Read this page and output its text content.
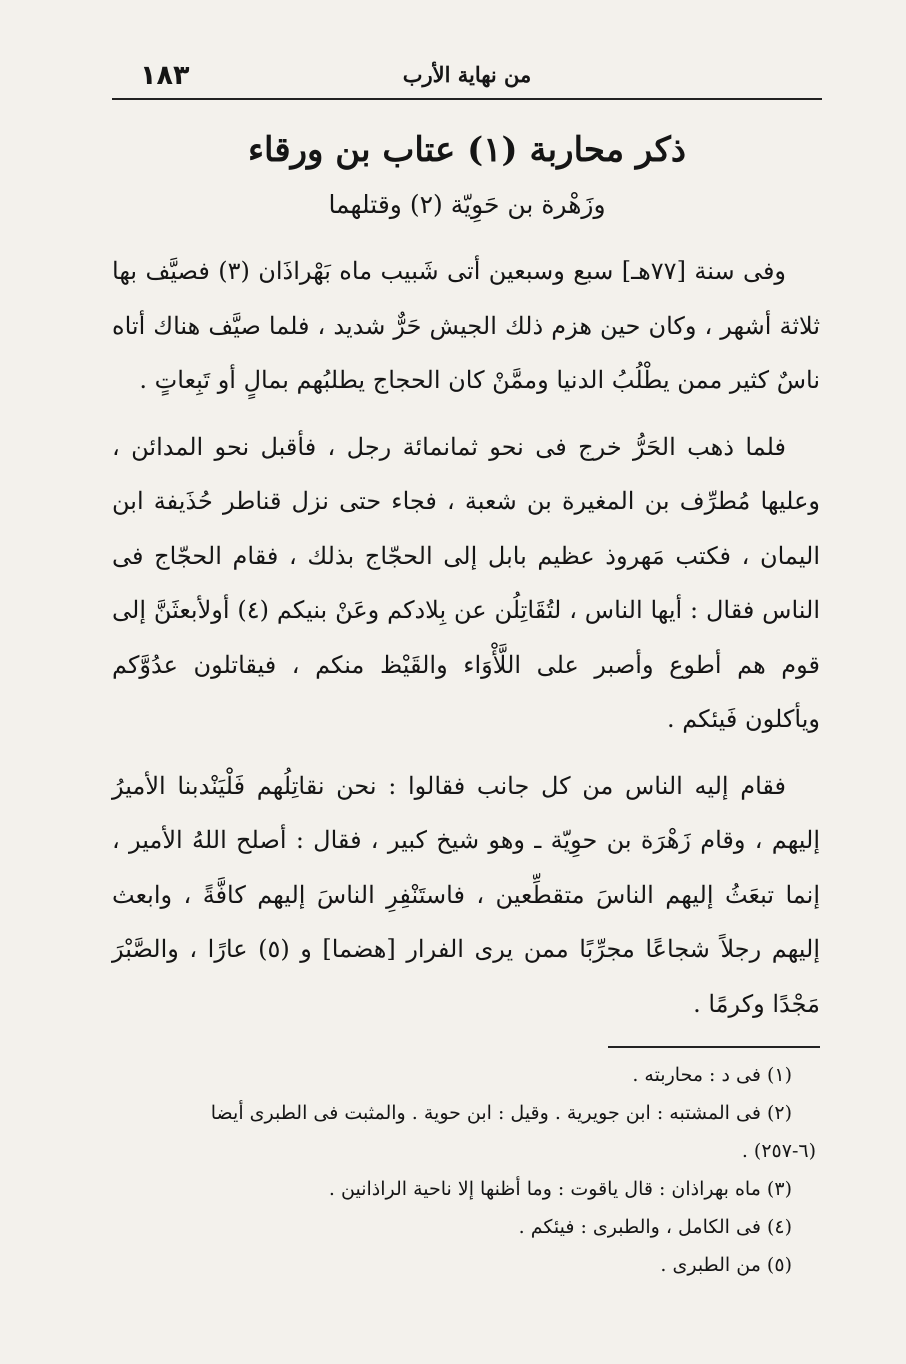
من نهاية الأرب
١٨٣
ذكر محاربة (١) عتاب بن ورقاء
وزَهْرة بن حَوِيّة (٢) وقتلهما

وفى سنة [٧٧هـ] سبع وسبعين أتى شَبيب ماه بَهْراذَان (٣) فصيَّف بها ثلاثة أشهر ، وكان حين هزم ذلك الجيش حَرٌّ شديد ، فلما صيَّف هناك أتاه ناسٌ كثير ممن يطْلُبُ الدنيا وممَّنْ كان الحجاج يطلبُهم بمالٍ أو تَبِعاتٍ .

فلما ذهب الحَرُّ خرج فى نحو ثمانمائة رجل ، فأقبل نحو المدائن ، وعليها مُطرِّف بن المغيرة بن شعبة ، فجاء حتى نزل قناطر حُذَيفة ابن اليمان ، فكتب مَهروذ عظيم بابل إلى الحجّاج بذلك ، فقام الحجّاج فى الناس فقال : أيها الناس ، لتُقَاتِلُن عن بِلادكم وعَنْ بنيكم (٤) أولأبعثَنَّ إلى قوم هم أطوع وأصبر على اللَّأْوَاء والقَيْظ منكم ، فيقاتلون عدُوَّكم ويأكلون فَيئكم .

فقام إليه الناس من كل جانب فقالوا : نحن نقاتِلُهم فَلْيَنْدبنا الأميرُ إليهم ، وقام زَهْرَة بن حوِيّة ـ وهو شيخ كبير ، فقال : أصلح اللهُ الأمير ، إنما تبعَثُ إليهم الناسَ متقطِّعين ، فاستَنْفِرِ الناسَ إليهم كافَّةً ، وابعث إليهم رجلاً شجاعًا مجرِّبًا ممن يرى الفرار [هضما] و (٥) عارًا ، والصَّبْرَ مَجْدًا وكرمًا .

(١) فى د : محاربته .

(٢) فى المشتبه : ابن جويرية . وقيل : ابن حوية . والمثبت فى الطبرى أيضا

(٦-٢٥٧) .

(٣) ماه بهراذان : قال ياقوت : وما أظنها إلا ناحية الراذانين .

(٤) فى الكامل ، والطبرى : فيئكم .

(٥) من الطبرى .
